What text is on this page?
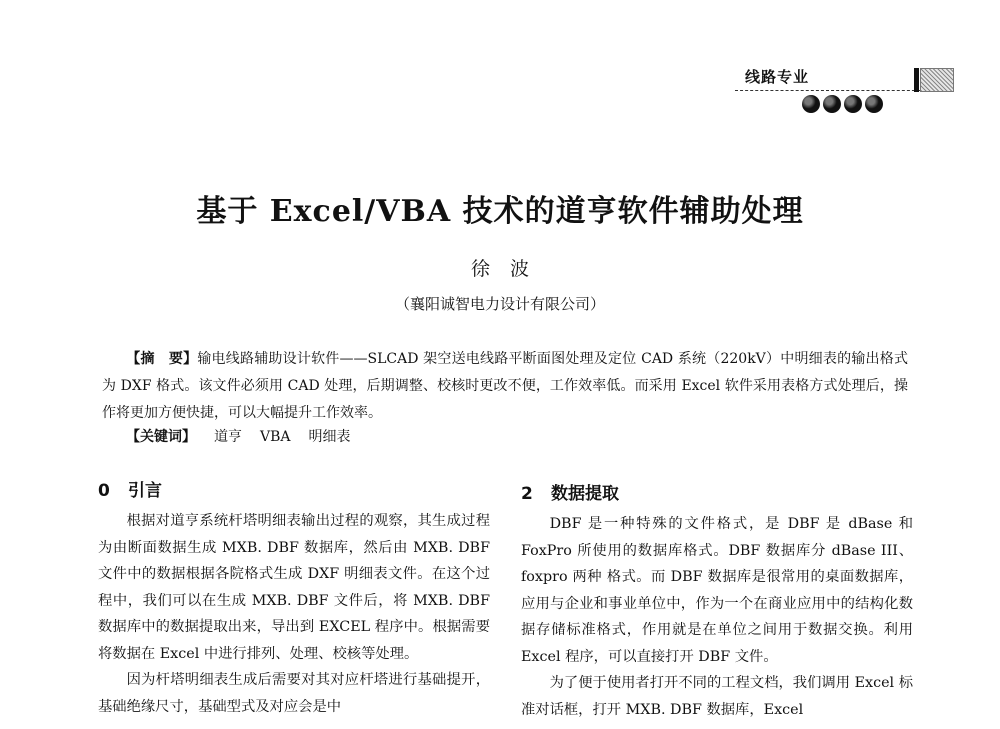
线路专业
基于 Excel/VBA 技术的道亨软件辅助处理
徐波
（襄阳诚智电力设计有限公司）
【摘　要】输电线路辅助设计软件——SLCAD 架空送电线路平断面图处理及定位 CAD 系统（220kV）中明细表的输出格式为 DXF 格式。该文件必须用 CAD 处理，后期调整、校核时更改不便，工作效率低。而采用 Excel 软件采用表格方式处理后，操作将更加方便快捷，可以大幅提升工作效率。
【关键词】 道亨 VBA 明细表
0 引言

根据对道亨系统杆塔明细表输出过程的观察，其生成过程为由断面数据生成 MXB. DBF 数据库，然后由 MXB. DBF 文件中的数据根据各院格式生成 DXF 明细表文件。在这个过程中，我们可以在生成 MXB. DBF 文件后，将 MXB. DBF 数据库中的数据提取出来，导出到 EXCEL 程序中。根据需要将数据在 Excel 中进行排列、处理、校核等处理。

因为杆塔明细表生成后需要对其对应杆塔进行基础提开，基础绝缘尺寸，基础型式及对应会是中

2 数据提取

DBF 是一种特殊的文件格式，是 DBF 是 dBase 和 FoxPro 所使用的数据库格式。DBF 数据库分 dBase III、foxpro 两种 格式。而 DBF 数据库是很常用的桌面数据库，应用与企业和事业单位中，作为一个在商业应用中的结构化数据存储标准格式，作用就是在单位之间用于数据交换。利用 Excel 程序，可以直接打开 DBF 文件。

为了便于使用者打开不同的工程文档，我们调用 Excel 标准对话框，打开 MXB. DBF 数据库，Excel
